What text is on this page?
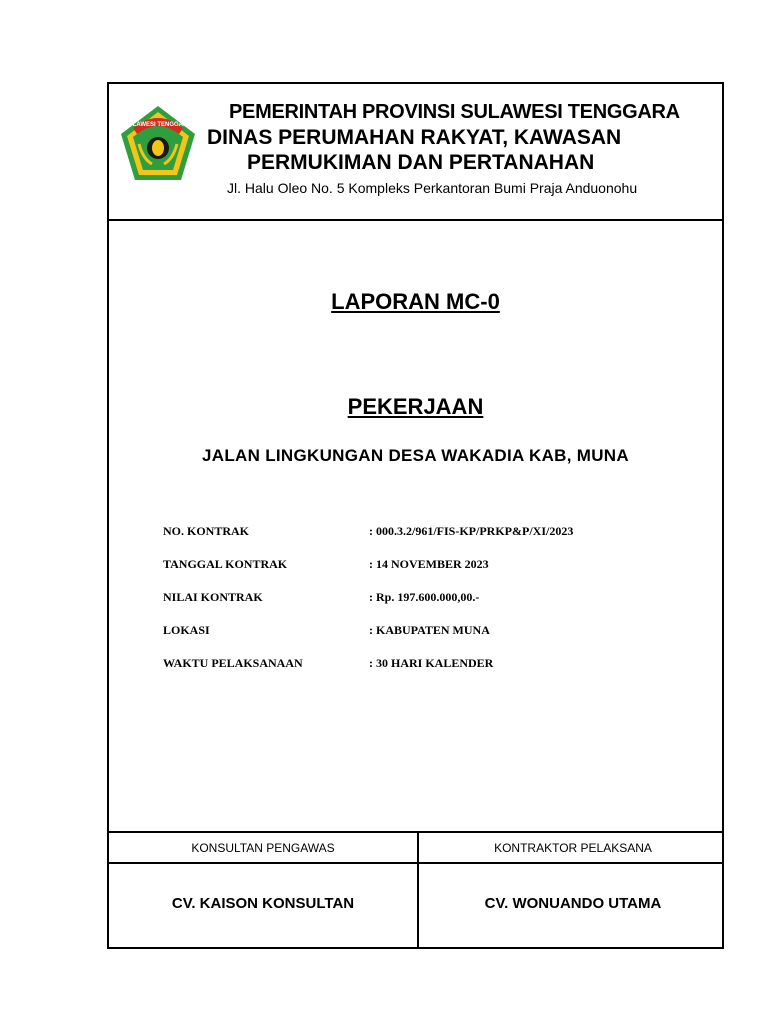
SULAWESI TENGGARA
PEMERINTAH PROVINSI SULAWESI TENGGARA
DINAS PERUMAHAN RAKYAT, KAWASAN
PERMUKIMAN DAN PERTANAHAN
Jl. Halu Oleo No. 5 Kompleks Perkantoran Bumi Praja Anduonohu
LAPORAN MC-0
PEKERJAAN
JALAN LINGKUNGAN DESA WAKADIA KAB, MUNA
NO. KONTRAK	: 000.3.2/961/FIS-KP/PRKP&P/XI/2023
TANGGAL KONTRAK	: 14 NOVEMBER 2023
NILAI KONTRAK	: Rp. 197.600.000,00.-
LOKASI	: KABUPATEN MUNA
WAKTU PELAKSANAAN	: 30 HARI KALENDER
KONSULTAN PENGAWAS	KONTRAKTOR PELAKSANA
CV. KAISON KONSULTAN	CV. WONUANDO UTAMA
